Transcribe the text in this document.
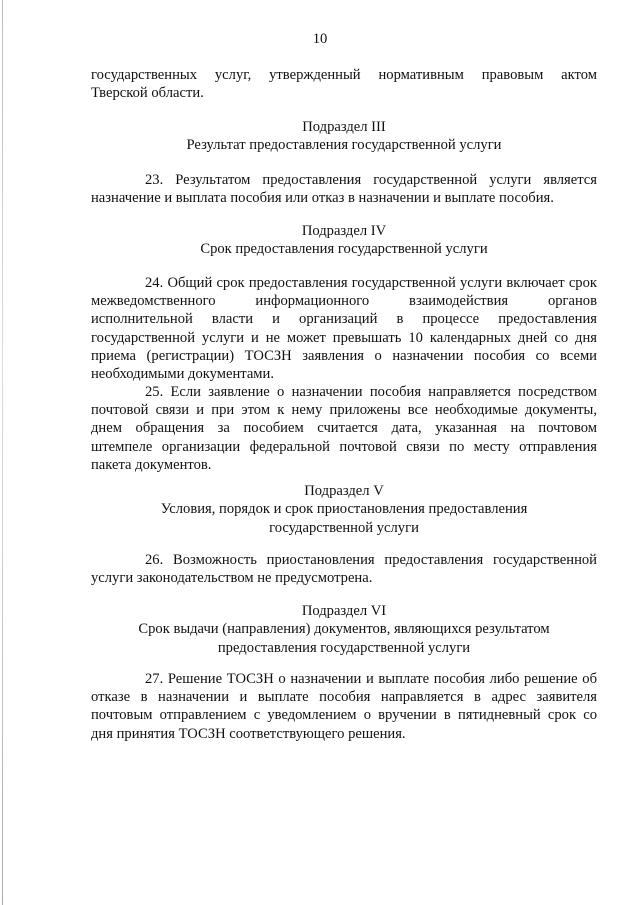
10

государственных услуг, утвержденный нормативным правовым актом

Тверской области.

Подраздел III

Результат предоставления государственной услуги

23. Результатом предоставления государственной услуги является

назначение и выплата пособия или отказ в назначении и выплате пособия.

Подраздел IV

Срок предоставления государственной услуги

24. Общий срок предоставления государственной услуги включает срок

межведомственного информационного взаимодействия органов

исполнительной власти и организаций в процессе предоставления

государственной услуги и не может превышать 10 календарных дней со дня

приема (регистрации) ТОСЗН заявления о назначении пособия со всеми

необходимыми документами.

25. Если заявление о назначении пособия направляется посредством

почтовой связи и при этом к нему приложены все необходимые документы,

днем обращения за пособием считается дата, указанная на почтовом

штемпеле организации федеральной почтовой связи по месту отправления

пакета документов.

Подраздел V

Условия, порядок и срок приостановления предоставления

государственной услуги

26. Возможность приостановления предоставления государственной

услуги законодательством не предусмотрена.

Подраздел VI

Срок выдачи (направления) документов, являющихся результатом

предоставления государственной услуги

27. Решение ТОСЗН о назначении и выплате пособия либо решение об

отказе в назначении и выплате пособия направляется в адрес заявителя

почтовым отправлением с уведомлением о вручении в пятидневный срок со

дня принятия ТОСЗН соответствующего решения.
